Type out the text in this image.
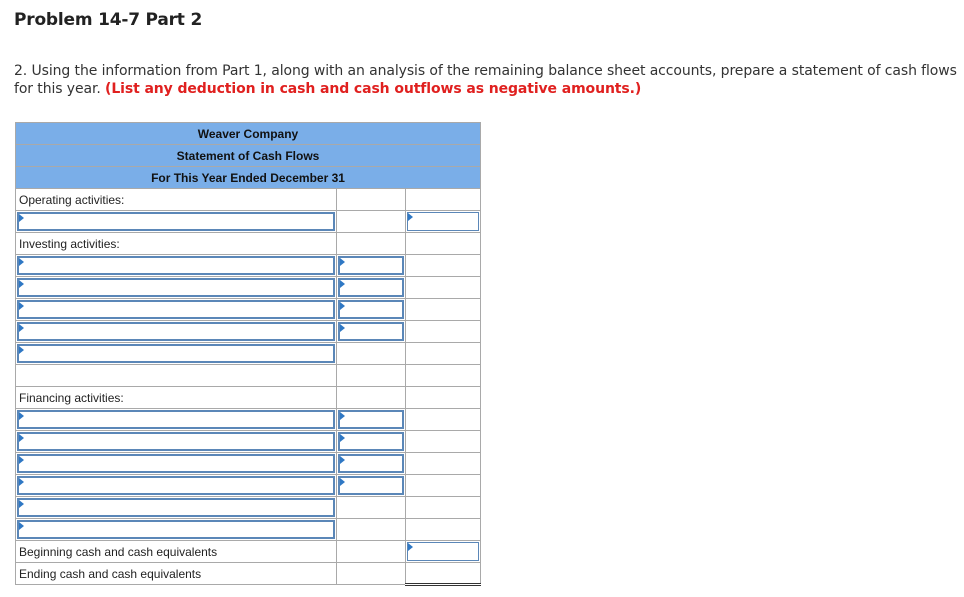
Problem 14-7 Part 2
2. Using the information from Part 1, along with an analysis of the remaining balance sheet accounts, prepare a statement of cash flows for this year. (List any deduction in cash and cash outflows as negative amounts.)
Weaver Company		
Statement of Cash Flows		
For This Year Ended December 31		
Operating activities:		

Investing activities:		

Financing activities:		

Beginning cash and cash equivalents		

Ending cash and cash equivalents		
